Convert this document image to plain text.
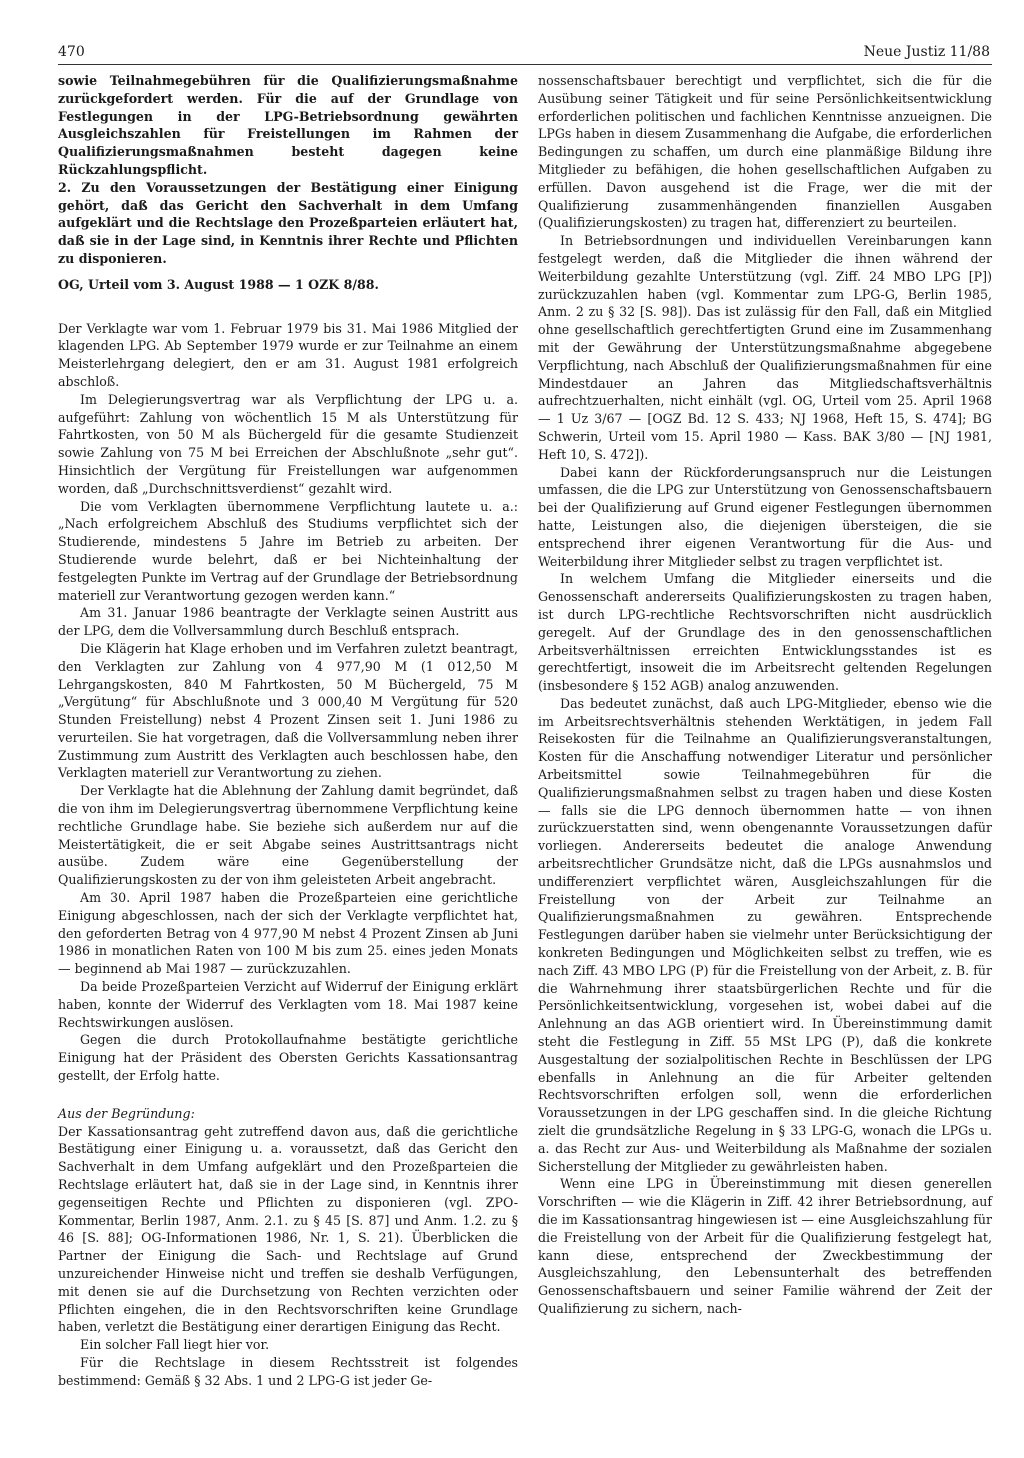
470	Neue Justiz 11/88

sowie Teilnahmegebühren für die Qualifizierungsmaßnahme zurückgefordert werden. Für die auf der Grundlage von Festlegungen in der LPG-Betriebsordnung gewährten Ausgleichszahlen für Freistellungen im Rahmen der Qualifizierungsmaßnahmen besteht dagegen keine Rückzahlungspflicht.

2. Zu den Voraussetzungen der Bestätigung einer Einigung gehört, daß das Gericht den Sachverhalt in dem Umfang aufgeklärt und die Rechtslage den Prozeßparteien erläutert hat, daß sie in der Lage sind, in Kenntnis ihrer Rechte und Pflichten zu disponieren.

OG, Urteil vom 3. August 1988 — 1 OZK 8/88.

Der Verklagte war vom 1. Februar 1979 bis 31. Mai 1986 Mitglied der klagenden LPG. Ab September 1979 wurde er zur Teilnahme an einem Meisterlehrgang delegiert, den er am 31. August 1981 erfolgreich abschloß.

Im Delegierungsvertrag war als Verpflichtung der LPG u. a. aufgeführt: Zahlung von wöchentlich 15 M als Unterstützung für Fahrtkosten, von 50 M als Büchergeld für die gesamte Studienzeit sowie Zahlung von 75 M bei Erreichen der Abschlußnote „sehr gut“. Hinsichtlich der Vergütung für Freistellungen war aufgenommen worden, daß „Durchschnittsverdienst“ gezahlt wird.

Die vom Verklagten übernommene Verpflichtung lautete u. a.: „Nach erfolgreichem Abschluß des Studiums verpflichtet sich der Studierende, mindestens 5 Jahre im Betrieb zu arbeiten. Der Studierende wurde belehrt, daß er bei Nichteinhaltung der festgelegten Punkte im Vertrag auf der Grundlage der Betriebsordnung materiell zur Verantwortung gezogen werden kann.“

Am 31. Januar 1986 beantragte der Verklagte seinen Austritt aus der LPG, dem die Vollversammlung durch Beschluß entsprach.

Die Klägerin hat Klage erhoben und im Verfahren zuletzt beantragt, den Verklagten zur Zahlung von 4 977,90 M (1 012,50 M Lehrgangskosten, 840 M Fahrtkosten, 50 M Büchergeld, 75 M „Vergütung“ für Abschlußnote und 3 000,40 M Vergütung für 520 Stunden Freistellung) nebst 4 Prozent Zinsen seit 1. Juni 1986 zu verurteilen. Sie hat vorgetragen, daß die Vollversammlung neben ihrer Zustimmung zum Austritt des Verklagten auch beschlossen habe, den Verklagten materiell zur Verantwortung zu ziehen.

Der Verklagte hat die Ablehnung der Zahlung damit begründet, daß die von ihm im Delegierungsvertrag übernommene Verpflichtung keine rechtliche Grundlage habe. Sie beziehe sich außerdem nur auf die Meistertätigkeit, die er seit Abgabe seines Austrittsantrags nicht ausübe. Zudem wäre eine Gegenüberstellung der Qualifizierungskosten zu der von ihm geleisteten Arbeit angebracht.

Am 30. April 1987 haben die Prozeßparteien eine gerichtliche Einigung abgeschlossen, nach der sich der Verklagte verpflichtet hat, den geforderten Betrag von 4 977,90 M nebst 4 Prozent Zinsen ab Juni 1986 in monatlichen Raten von 100 M bis zum 25. eines jeden Monats — beginnend ab Mai 1987 — zurückzuzahlen.

Da beide Prozeßparteien Verzicht auf Widerruf der Einigung erklärt haben, konnte der Widerruf des Verklagten vom 18. Mai 1987 keine Rechtswirkungen auslösen.

Gegen die durch Protokollaufnahme bestätigte gerichtliche Einigung hat der Präsident des Obersten Gerichts Kassationsantrag gestellt, der Erfolg hatte.

Aus der Begründung:

Der Kassationsantrag geht zutreffend davon aus, daß die gerichtliche Bestätigung einer Einigung u. a. voraussetzt, daß das Gericht den Sachverhalt in dem Umfang aufgeklärt und den Prozeßparteien die Rechtslage erläutert hat, daß sie in der Lage sind, in Kenntnis ihrer gegenseitigen Rechte und Pflichten zu disponieren (vgl. ZPO-Kommentar, Berlin 1987, Anm. 2.1. zu § 45 [S. 87] und Anm. 1.2. zu § 46 [S. 88]; OG-Informationen 1986, Nr. 1, S. 21). Überblicken die Partner der Einigung die Sach- und Rechtslage auf Grund unzureichender Hinweise nicht und treffen sie deshalb Verfügungen, mit denen sie auf die Durchsetzung von Rechten verzichten oder Pflichten eingehen, die in den Rechtsvorschriften keine Grundlage haben, verletzt die Bestätigung einer derartigen Einigung das Recht.

Ein solcher Fall liegt hier vor.

Für die Rechtslage in diesem Rechtsstreit ist folgendes bestimmend: Gemäß § 32 Abs. 1 und 2 LPG-G ist jeder Ge-

nossenschaftsbauer berechtigt und verpflichtet, sich die für die Ausübung seiner Tätigkeit und für seine Persönlichkeitsentwicklung erforderlichen politischen und fachlichen Kenntnisse anzueignen. Die LPGs haben in diesem Zusammenhang die Aufgabe, die erforderlichen Bedingungen zu schaffen, um durch eine planmäßige Bildung ihre Mitglieder zu befähigen, die hohen gesellschaftlichen Aufgaben zu erfüllen. Davon ausgehend ist die Frage, wer die mit der Qualifizierung zusammenhängenden finanziellen Ausgaben (Qualifizierungskosten) zu tragen hat, differenziert zu beurteilen.

In Betriebsordnungen und individuellen Vereinbarungen kann festgelegt werden, daß die Mitglieder die ihnen während der Weiterbildung gezahlte Unterstützung (vgl. Ziff. 24 MBO LPG [P]) zurückzuzahlen haben (vgl. Kommentar zum LPG-G, Berlin 1985, Anm. 2 zu § 32 [S. 98]). Das ist zulässig für den Fall, daß ein Mitglied ohne gesellschaftlich gerechtfertigten Grund eine im Zusammenhang mit der Gewährung der Unterstützungsmaßnahme abgegebene Verpflichtung, nach Abschluß der Qualifizierungsmaßnahmen für eine Mindestdauer an Jahren das Mitgliedschaftsverhältnis aufrechtzuerhalten, nicht einhält (vgl. OG, Urteil vom 25. April 1968 — 1 Uz 3/67 — [OGZ Bd. 12 S. 433; NJ 1968, Heft 15, S. 474]; BG Schwerin, Urteil vom 15. April 1980 — Kass. BAK 3/80 — [NJ 1981, Heft 10, S. 472]).

Dabei kann der Rückforderungsanspruch nur die Leistungen umfassen, die die LPG zur Unterstützung von Genossenschaftsbauern bei der Qualifizierung auf Grund eigener Festlegungen übernommen hatte, Leistungen also, die diejenigen übersteigen, die sie entsprechend ihrer eigenen Verantwortung für die Aus- und Weiterbildung ihrer Mitglieder selbst zu tragen verpflichtet ist.

In welchem Umfang die Mitglieder einerseits und die Genossenschaft andererseits Qualifizierungskosten zu tragen haben, ist durch LPG-rechtliche Rechtsvorschriften nicht ausdrücklich geregelt. Auf der Grundlage des in den genossenschaftlichen Arbeitsverhältnissen erreichten Entwicklungsstandes ist es gerechtfertigt, insoweit die im Arbeitsrecht geltenden Regelungen (insbesondere § 152 AGB) analog anzuwenden.

Das bedeutet zunächst, daß auch LPG-Mitglieder, ebenso wie die im Arbeitsrechtsverhältnis stehenden Werktätigen, in jedem Fall Reisekosten für die Teilnahme an Qualifizierungsveranstaltungen, Kosten für die Anschaffung notwendiger Literatur und persönlicher Arbeitsmittel sowie Teilnahmegebühren für die Qualifizierungsmaßnahmen selbst zu tragen haben und diese Kosten — falls sie die LPG dennoch übernommen hatte — von ihnen zurückzuerstatten sind, wenn obengenannte Voraussetzungen dafür vorliegen. Andererseits bedeutet die analoge Anwendung arbeitsrechtlicher Grundsätze nicht, daß die LPGs ausnahmslos und undifferenziert verpflichtet wären, Ausgleichszahlungen für die Freistellung von der Arbeit zur Teilnahme an Qualifizierungsmaßnahmen zu gewähren. Entsprechende Festlegungen darüber haben sie vielmehr unter Berücksichtigung der konkreten Bedingungen und Möglichkeiten selbst zu treffen, wie es nach Ziff. 43 MBO LPG (P) für die Freistellung von der Arbeit, z. B. für die Wahrnehmung ihrer staatsbürgerlichen Rechte und für die Persönlichkeitsentwicklung, vorgesehen ist, wobei dabei auf die Anlehnung an das AGB orientiert wird. In Übereinstimmung damit steht die Festlegung in Ziff. 55 MSt LPG (P), daß die konkrete Ausgestaltung der sozialpolitischen Rechte in Beschlüssen der LPG ebenfalls in Anlehnung an die für Arbeiter geltenden Rechtsvorschriften erfolgen soll, wenn die erforderlichen Voraussetzungen in der LPG geschaffen sind. In die gleiche Richtung zielt die grundsätzliche Regelung in § 33 LPG-G, wonach die LPGs u. a. das Recht zur Aus- und Weiterbildung als Maßnahme der sozialen Sicherstellung der Mitglieder zu gewährleisten haben.

Wenn eine LPG in Übereinstimmung mit diesen generellen Vorschriften — wie die Klägerin in Ziff. 42 ihrer Betriebsordnung, auf die im Kassationsantrag hingewiesen ist — eine Ausgleichszahlung für die Freistellung von der Arbeit für die Qualifizierung festgelegt hat, kann diese, entsprechend der Zweckbestimmung der Ausgleichszahlung, den Lebensunterhalt des betreffenden Genossenschaftsbauern und seiner Familie während der Zeit der Qualifizierung zu sichern, nach-
